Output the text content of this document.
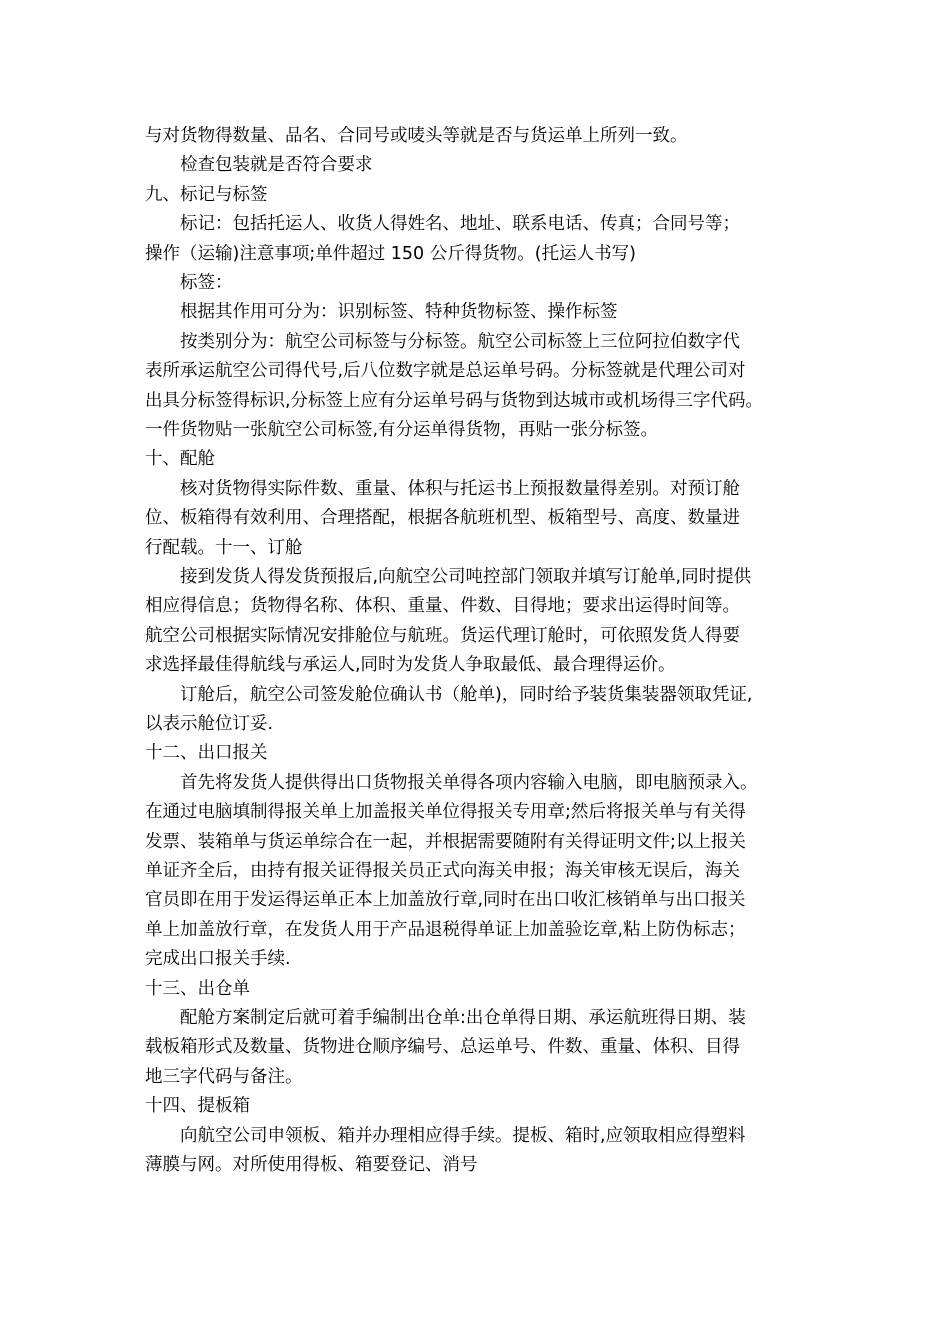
与对货物得数量、品名、合同号或唛头等就是否与货运单上所列一致。

检查包装就是否符合要求

九、标记与标签

标记：包括托运人、收货人得姓名、地址、联系电话、传真；合同号等；

操作（运输)注意事项;单件超过 150 公斤得货物。(托运人书写)

标签：

根据其作用可分为：识别标签、特种货物标签、操作标签

按类别分为：航空公司标签与分标签。航空公司标签上三位阿拉伯数字代

表所承运航空公司得代号,后八位数字就是总运单号码。分标签就是代理公司对

出具分标签得标识,分标签上应有分运单号码与货物到达城市或机场得三字代码。

一件货物贴一张航空公司标签,有分运单得货物，再贴一张分标签。

十、配舱

核对货物得实际件数、重量、体积与托运书上预报数量得差别。对预订舱

位、板箱得有效利用、合理搭配，根据各航班机型、板箱型号、高度、数量进

行配载。十一、订舱

接到发货人得发货预报后,向航空公司吨控部门领取并填写订舱单,同时提供

相应得信息；货物得名称、体积、重量、件数、目得地；要求出运得时间等。

航空公司根据实际情况安排舱位与航班。货运代理订舱时，可依照发货人得要

求选择最佳得航线与承运人,同时为发货人争取最低、最合理得运价。

订舱后，航空公司签发舱位确认书（舱单)，同时给予装货集装器领取凭证,

以表示舱位订妥.

十二、出口报关

首先将发货人提供得出口货物报关单得各项内容输入电脑，即电脑预录入。

在通过电脑填制得报关单上加盖报关单位得报关专用章;然后将报关单与有关得

发票、装箱单与货运单综合在一起，并根据需要随附有关得证明文件;以上报关

单证齐全后，由持有报关证得报关员正式向海关申报；海关审核无误后，海关

官员即在用于发运得运单正本上加盖放行章,同时在出口收汇核销单与出口报关

单上加盖放行章，在发货人用于产品退税得单证上加盖验讫章,粘上防伪标志；

完成出口报关手续.

十三、出仓单

配舱方案制定后就可着手编制出仓单:出仓单得日期、承运航班得日期、装

载板箱形式及数量、货物进仓顺序编号、总运单号、件数、重量、体积、目得

地三字代码与备注。

十四、提板箱

向航空公司申领板、箱并办理相应得手续。提板、箱时,应领取相应得塑料

薄膜与网。对所使用得板、箱要登记、消号
